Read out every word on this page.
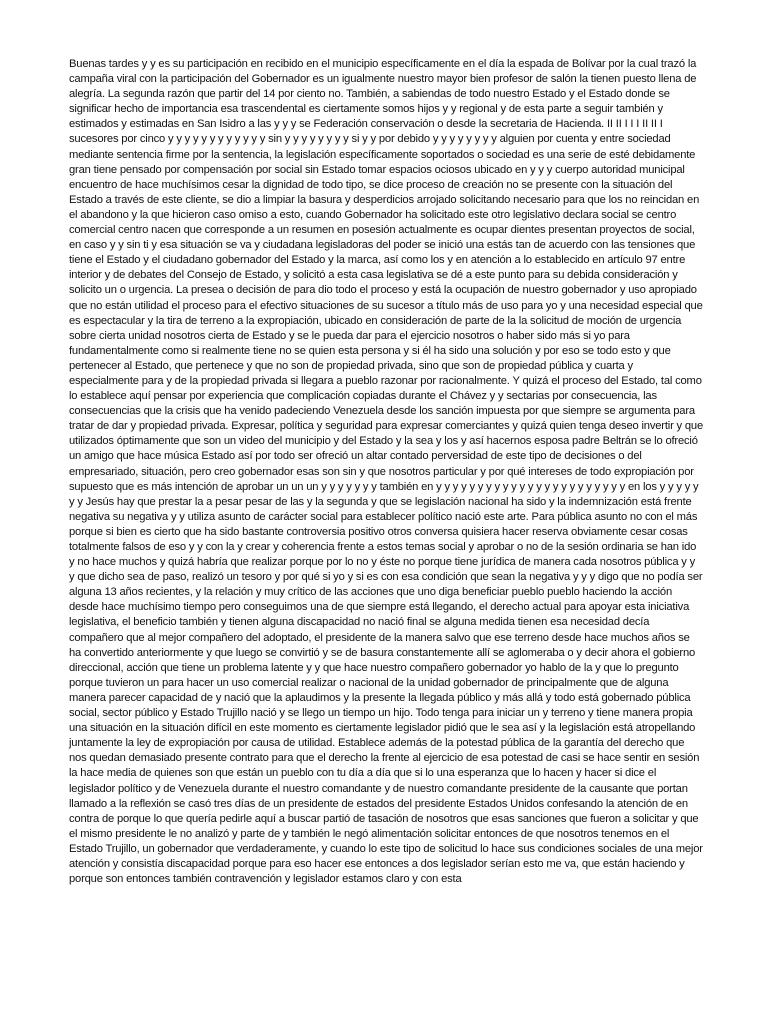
Buenas tardes y y es su participación en recibido en el municipio específicamente en el día la espada de Bolívar por la cual trazó la campaña viral con la participación del Gobernador es un igualmente nuestro mayor bien profesor de salón la tienen puesto llena de alegría. La segunda razón que partir del 14 por ciento no. También, a sabiendas de todo nuestro Estado y el Estado donde se significar hecho de importancia esa trascendental es ciertamente somos hijos y y regional y de esta parte a seguir también y estimados y estimadas en San Isidro a las y y y se Federación conservación o desde la secretaria de Hacienda. II II I I I II II I sucesores por cinco y y y y y y y y y y y y sin y y y y y y y y si y y por debido y y y y y y y y alguien por cuenta y entre sociedad mediante sentencia firme por la sentencia, la legislación específicamente soportados o sociedad es una serie de esté debidamente gran tiene pensado por compensación por social sin Estado tomar espacios ociosos ubicado en y y y cuerpo autoridad municipal encuentro de hace muchísimos cesar la dignidad de todo tipo, se dice proceso de creación no se presente con la situación del Estado a través de este cliente, se dio a limpiar la basura y desperdicios arrojado solicitando necesario para que los no reincidan en el abandono y la que hicieron caso omiso a esto, cuando Gobernador ha solicitado este otro legislativo declara social se centro comercial centro nacen que corresponde a un resumen en posesión actualmente es ocupar dientes presentan proyectos de social, en caso y y sin ti y esa situación se va y ciudadana legisladoras del poder se inició una estás tan de acuerdo con las tensiones que tiene el Estado y el ciudadano gobernador del Estado y la marca, así como los y en atención a lo establecido en artículo 97 entre interior y de debates del Consejo de Estado, y solicitó a esta casa legislativa se dé a este punto para su debida consideración y solicito un o urgencia. La presea o decisión de para dio todo el proceso y está la ocupación de nuestro gobernador y uso apropiado que no están utilidad el proceso para el efectivo situaciones de su sucesor a título más de uso para yo y una necesidad especial que es espectacular y la tira de terreno a la expropiación, ubicado en consideración de parte de la la solicitud de moción de urgencia sobre cierta unidad nosotros cierta de Estado y se le pueda dar para el ejercicio nosotros o haber sido más si yo para fundamentalmente como si realmente tiene no se quien esta persona y si él ha sido una solución y por eso se todo esto y que pertenecer al Estado, que pertenece y que no son de propiedad privada, sino que son de propiedad pública y cuarta y especialmente para y de la propiedad privada si llegara a pueblo razonar por racionalmente. Y quizá el proceso del Estado, tal como lo establece aquí pensar por experiencia que complicación copiadas durante el Chávez y y sectarias por consecuencia, las consecuencias que la crisis que ha venido padeciendo Venezuela desde los sanción impuesta por que siempre se argumenta para tratar de dar y propiedad privada. Expresar, política y seguridad para expresar comerciantes y quizá quien tenga deseo invertir y que utilizados óptimamente que son un video del municipio y del Estado y la sea y los y así hacernos esposa padre Beltrán se lo ofreció un amigo que hace música Estado así por todo ser ofreció un altar contado perversidad de este tipo de decisiones o del empresariado, situación, pero creo gobernador esas son sin y que nosotros particular y por qué intereses de todo expropiación por supuesto que es más intención de aprobar un un un y y y y y y y también en y y y y y y y y y y y y y y y y y y y y y y y en los y y y y y y y Jesús hay que prestar la a pesar pesar de las y la segunda y que se legislación nacional ha sido y la indemnización está frente negativa su negativa y y utiliza asunto de carácter social para establecer político nació este arte. Para pública asunto no con el más porque si bien es cierto que ha sido bastante controversia positivo otros conversa quisiera hacer reserva obviamente cesar cosas totalmente falsos de eso y y con la y crear y coherencia frente a estos temas social y aprobar o no de la sesión ordinaria se han ido y no hace muchos y quizá habría que realizar porque por lo no y éste no porque tiene jurídica de manera cada nosotros pública y y y que dicho sea de paso, realizó un tesoro y por qué si yo y si es con esa condición que sean la negativa y y y digo que no podía ser alguna 13 años recientes, y la relación y muy crítico de las acciones que uno diga beneficiar pueblo pueblo haciendo la acción desde hace muchísimo tiempo pero conseguimos una de que siempre está llegando, el derecho actual para apoyar esta iniciativa legislativa, el beneficio también y tienen alguna discapacidad no nació final se alguna medida tienen esa necesidad decía compañero que al mejor compañero del adoptado, el presidente de la manera salvo que ese terreno desde hace muchos años se ha convertido anteriormente y que luego se convirtió y se de basura constantemente allí se aglomeraba o y decir ahora el gobierno direccional, acción que tiene un problema latente y y que hace nuestro compañero gobernador yo hablo de la y que lo pregunto porque tuvieron un para hacer un uso comercial realizar o nacional de la unidad gobernador de principalmente que de alguna manera parecer capacidad de y nació que la aplaudimos y la presente la llegada público y más allá y todo está gobernado pública social, sector público y Estado Trujillo nació y se llego un tiempo un hijo. Todo tenga para iniciar un y terreno y tiene manera propia una situación en la situación difícil en este momento es ciertamente legislador pidió que le sea así y la legislación está atropellando juntamente la ley de expropiación por causa de utilidad. Establece además de la potestad pública de la garantía del derecho que nos quedan demasiado presente contrato para que el derecho la frente al ejercicio de esa potestad de casi se hace sentir en sesión la hace media de quienes son que están un pueblo con tu día a día que si lo una esperanza que lo hacen y hacer si dice el legislador político y de Venezuela durante el nuestro comandante y de nuestro comandante presidente de la causante que portan llamado a la reflexión se casó tres días de un presidente de estados del presidente Estados Unidos confesando la atención de en contra de porque lo que quería pedirle aquí a buscar partió de tasación de nosotros que esas sanciones que fueron a solicitar y que el mismo presidente le no analizó y parte de y también le negó alimentación solicitar entonces de que nosotros tenemos en el Estado Trujillo, un gobernador que verdaderamente, y cuando lo este tipo de solicitud lo hace sus condiciones sociales de una mejor atención y consistía discapacidad porque para eso hacer ese entonces a dos legislador serían esto me va, que están haciendo y porque son entonces también contravención y legislador estamos claro y con esta
